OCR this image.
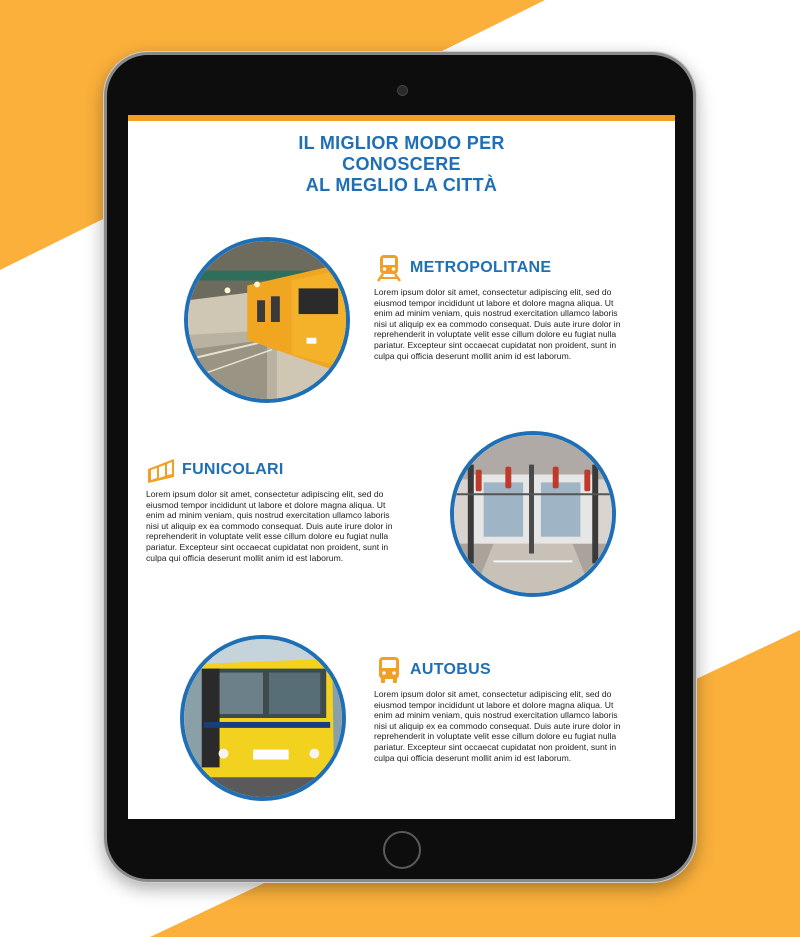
IL MIGLIOR MODO PER
CONOSCERE
AL MEGLIO LA CITTÀ
METROPOLITANE
Lorem ipsum dolor sit amet, consectetur adipiscing elit, sed do eiusmod tempor incididunt ut labore et dolore magna aliqua. Ut enim ad minim veniam, quis nostrud exercitation ullamco laboris nisi ut aliquip ex ea commodo consequat. Duis aute irure dolor in reprehenderit in voluptate velit esse cillum dolore eu fugiat nulla pariatur. Excepteur sint occaecat cupidatat non proident, sunt in culpa qui officia deserunt mollit anim id est laborum.
FUNICOLARI
Lorem ipsum dolor sit amet, consectetur adipiscing elit, sed do eiusmod tempor incididunt ut labore et dolore magna aliqua. Ut enim ad minim veniam, quis nostrud exercitation ullamco laboris nisi ut aliquip ex ea commodo consequat. Duis aute irure dolor in reprehenderit in voluptate velit esse cillum dolore eu fugiat nulla pariatur. Excepteur sint occaecat cupidatat non proident, sunt in culpa qui officia deserunt mollit anim id est laborum.
AUTOBUS
Lorem ipsum dolor sit amet, consectetur adipiscing elit, sed do eiusmod tempor incididunt ut labore et dolore magna aliqua. Ut enim ad minim veniam, quis nostrud exercitation ullamco laboris nisi ut aliquip ex ea commodo consequat. Duis aute irure dolor in reprehenderit in voluptate velit esse cillum dolore eu fugiat nulla pariatur. Excepteur sint occaecat cupidatat non proident, sunt in culpa qui officia deserunt mollit anim id est laborum.
